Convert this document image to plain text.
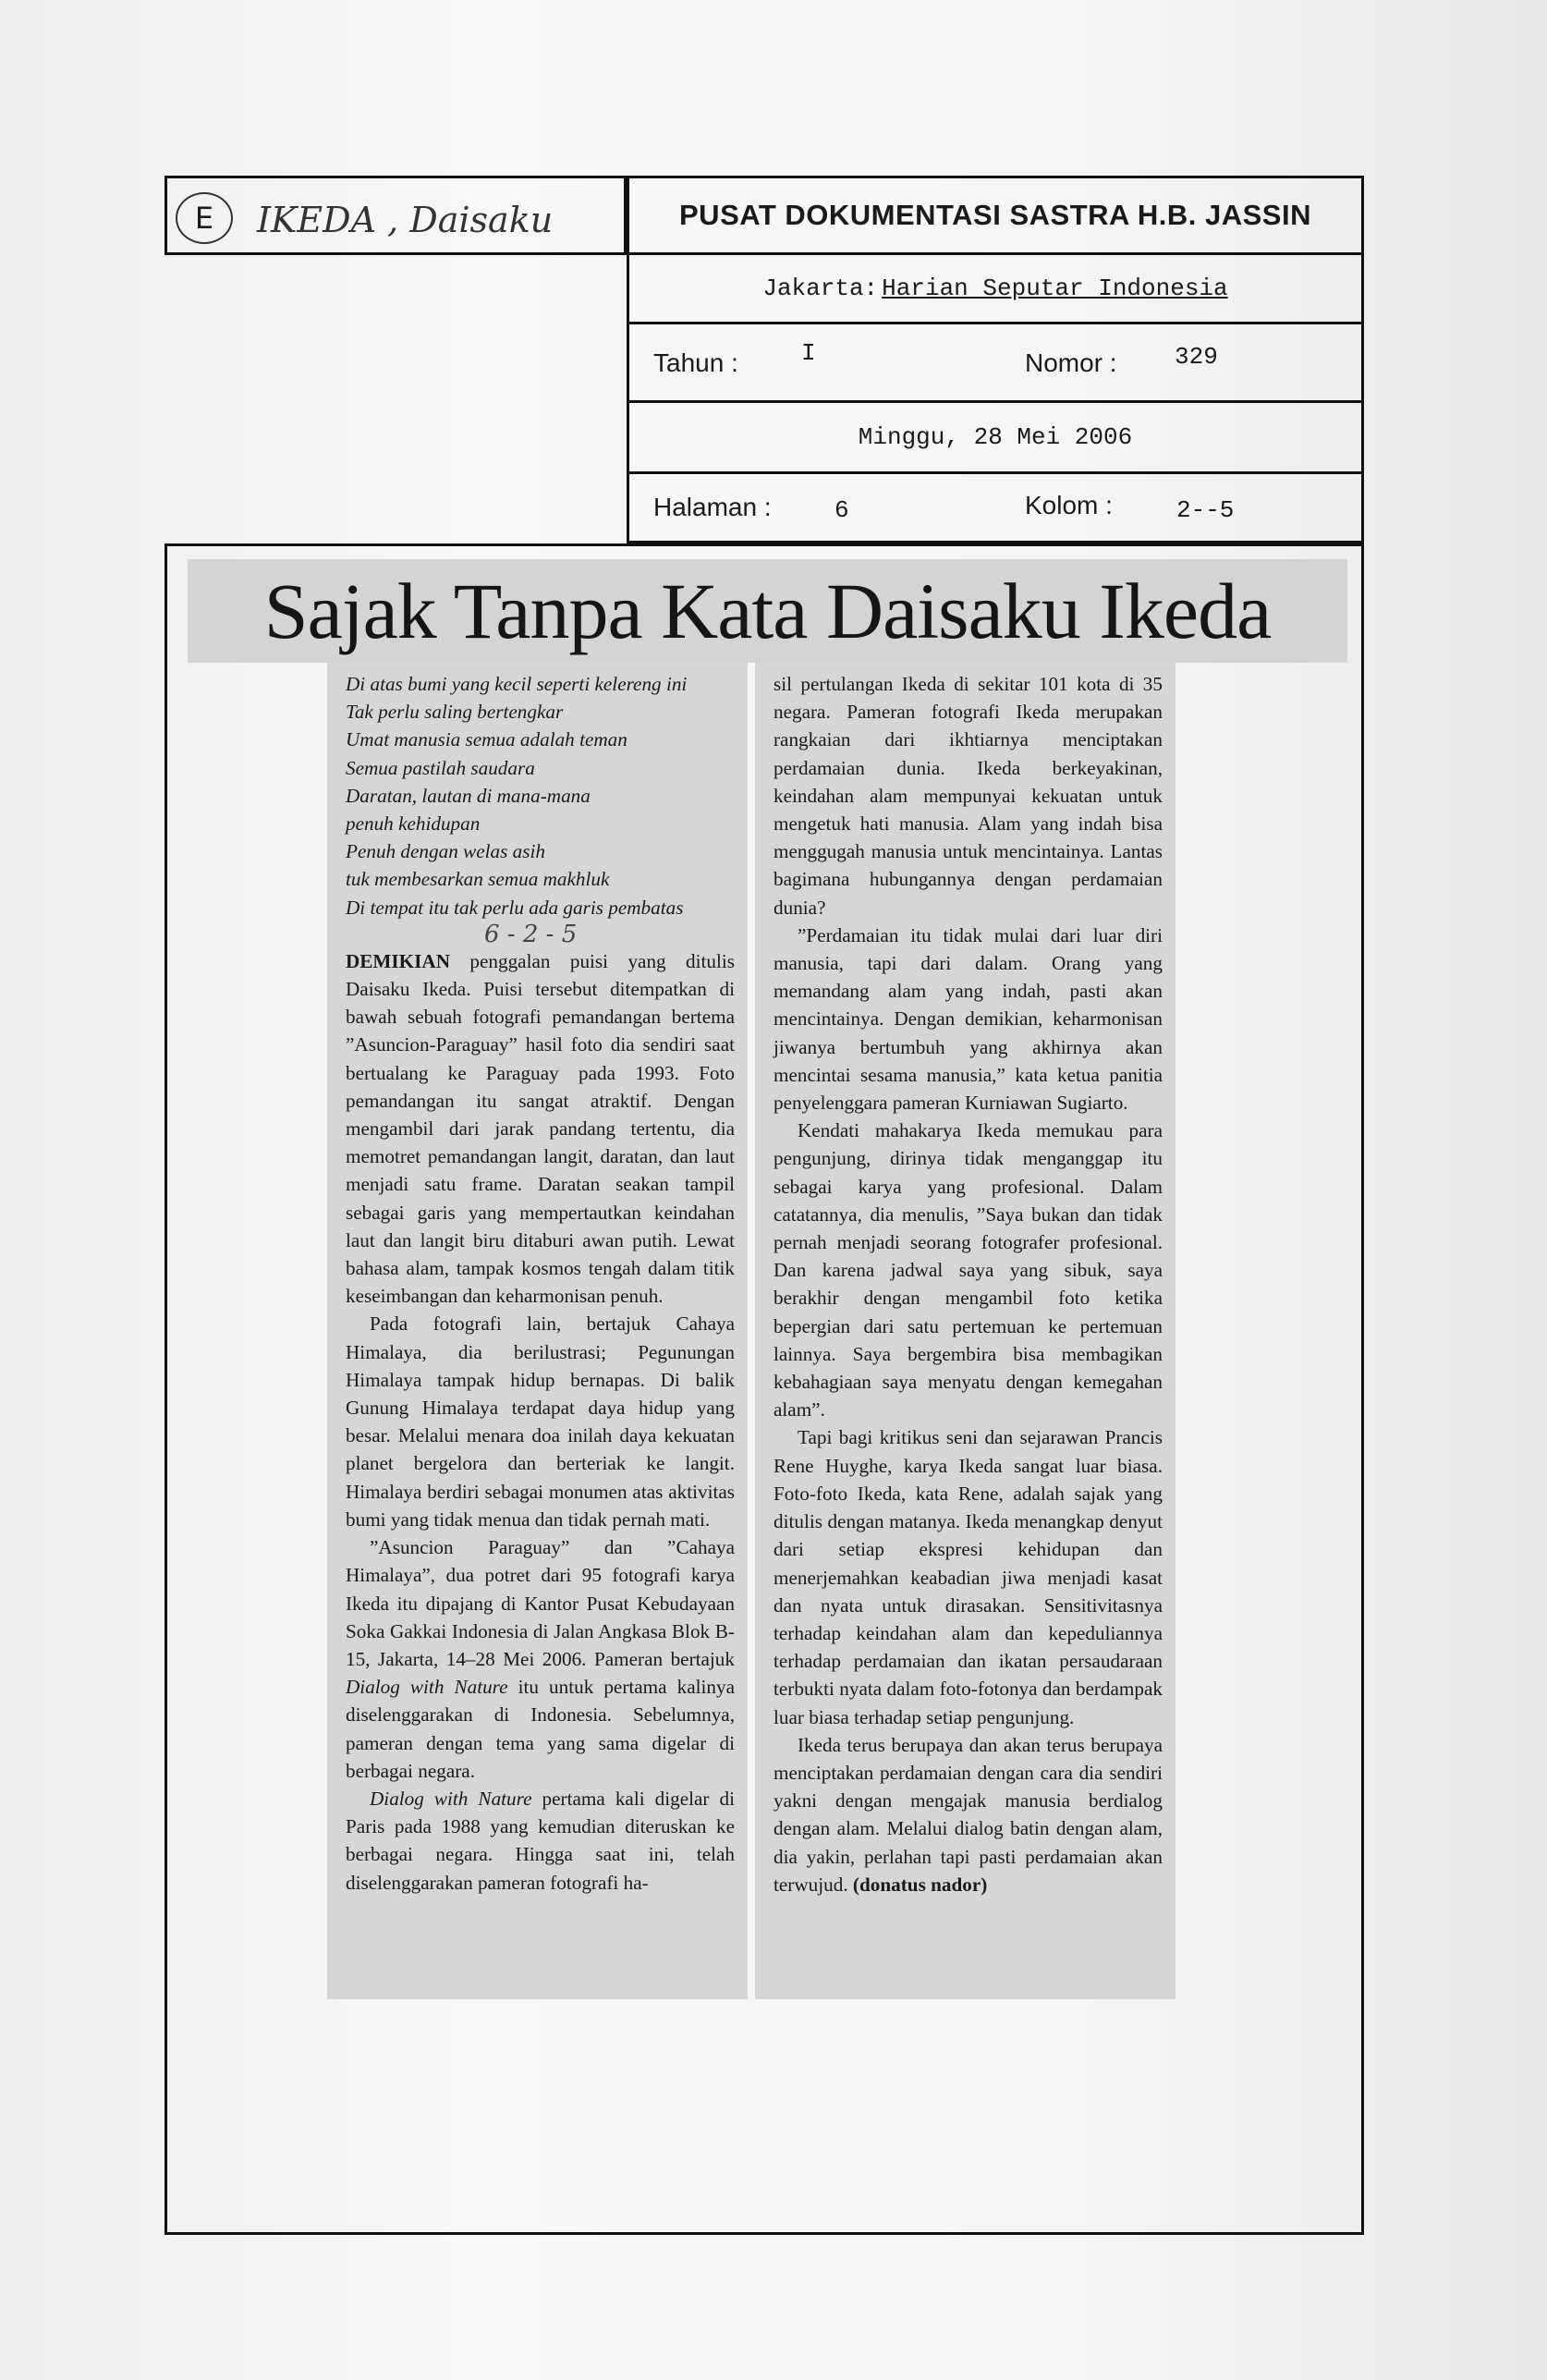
E IKEDA , Daisaku	PUSAT DOKUMENTASI SASTRA H.B. JASSIN
Jakarta:
Harian Seputar Indonesia
Tahun :	I	Nomor : 329
Minggu, 28 Mei 2006
Halaman :	6	Kolom :	2--5
Sajak Tanpa Kata Daisaku Ikeda

Di atas bumi yang kecil seperti kelereng ini

Tak perlu saling bertengkar

Umat manusia semua adalah teman

Semua pastilah saudara

Daratan, lautan di mana-mana

penuh kehidupan

Penuh dengan welas asih

tuk membesarkan semua makhluk

Di tempat itu tak perlu ada garis pembatas

6 - 2 - 5

DEMIKIAN penggalan puisi yang ditulis Daisaku Ikeda. Puisi tersebut ditempatkan di bawah sebuah fotografi pemandangan bertema ”Asuncion-Paraguay” hasil foto dia sendiri saat bertualang ke Paraguay pada 1993. Foto pemandangan itu sangat atraktif. Dengan mengambil dari jarak pandang tertentu, dia memotret pemandangan langit, daratan, dan laut menjadi satu frame. Daratan seakan tampil sebagai garis yang mempertautkan keindahan laut dan langit biru ditaburi awan putih. Lewat bahasa alam, tampak kosmos tengah dalam titik keseimbangan dan keharmonisan penuh.

Pada fotografi lain, bertajuk Cahaya Himalaya, dia berilustrasi; Pegunungan Himalaya tampak hidup bernapas. Di balik Gunung Himalaya terdapat daya hidup yang besar. Melalui menara doa inilah daya kekuatan planet bergelora dan berteriak ke langit. Himalaya berdiri sebagai monumen atas aktivitas bumi yang tidak menua dan tidak pernah mati.

”Asuncion Paraguay” dan ”Cahaya Himalaya”, dua potret dari 95 fotografi karya Ikeda itu dipajang di Kantor Pusat Kebudayaan Soka Gakkai Indonesia di Jalan Angkasa Blok B-15, Jakarta, 14–28 Mei 2006. Pameran bertajuk Dialog with Nature itu untuk pertama kalinya diselenggarakan di Indonesia. Sebelumnya, pameran dengan tema yang sama digelar di berbagai negara.

Dialog with Nature pertama kali digelar di Paris pada 1988 yang kemudian diteruskan ke berbagai negara. Hingga saat ini, telah diselenggarakan pameran fotografi ha-

sil pertulangan Ikeda di sekitar 101 kota di 35 negara. Pameran fotografi Ikeda merupakan rangkaian dari ikhtiarnya menciptakan perdamaian dunia. Ikeda berkeyakinan, keindahan alam mempunyai kekuatan untuk mengetuk hati manusia. Alam yang indah bisa menggugah manusia untuk mencintainya. Lantas bagimana hubungannya dengan perdamaian dunia?

”Perdamaian itu tidak mulai dari luar diri manusia, tapi dari dalam. Orang yang memandang alam yang indah, pasti akan mencintainya. Dengan demikian, keharmonisan jiwanya bertumbuh yang akhirnya akan mencintai sesama manusia,” kata ketua panitia penyelenggara pameran Kurniawan Sugiarto.

Kendati mahakarya Ikeda memukau para pengunjung, dirinya tidak menganggap itu sebagai karya yang profesional. Dalam catatannya, dia menulis, ”Saya bukan dan tidak pernah menjadi seorang fotografer profesional. Dan karena jadwal saya yang sibuk, saya berakhir dengan mengambil foto ketika bepergian dari satu pertemuan ke pertemuan lainnya. Saya bergembira bisa membagikan kebahagiaan saya menyatu dengan kemegahan alam”.

Tapi bagi kritikus seni dan sejarawan Prancis Rene Huyghe, karya Ikeda sangat luar biasa. Foto-foto Ikeda, kata Rene, adalah sajak yang ditulis dengan matanya. Ikeda menangkap denyut dari setiap ekspresi kehidupan dan menerjemahkan keabadian jiwa menjadi kasat dan nyata untuk dirasakan. Sensitivitasnya terhadap keindahan alam dan kepeduliannya terhadap perdamaian dan ikatan persaudaraan terbukti nyata dalam foto-fotonya dan berdampak luar biasa terhadap setiap pengunjung.

Ikeda terus berupaya dan akan terus berupaya menciptakan perdamaian dengan cara dia sendiri yakni dengan mengajak manusia berdialog dengan alam. Melalui dialog batin dengan alam, dia yakin, perlahan tapi pasti perdamaian akan terwujud. (donatus nador)
